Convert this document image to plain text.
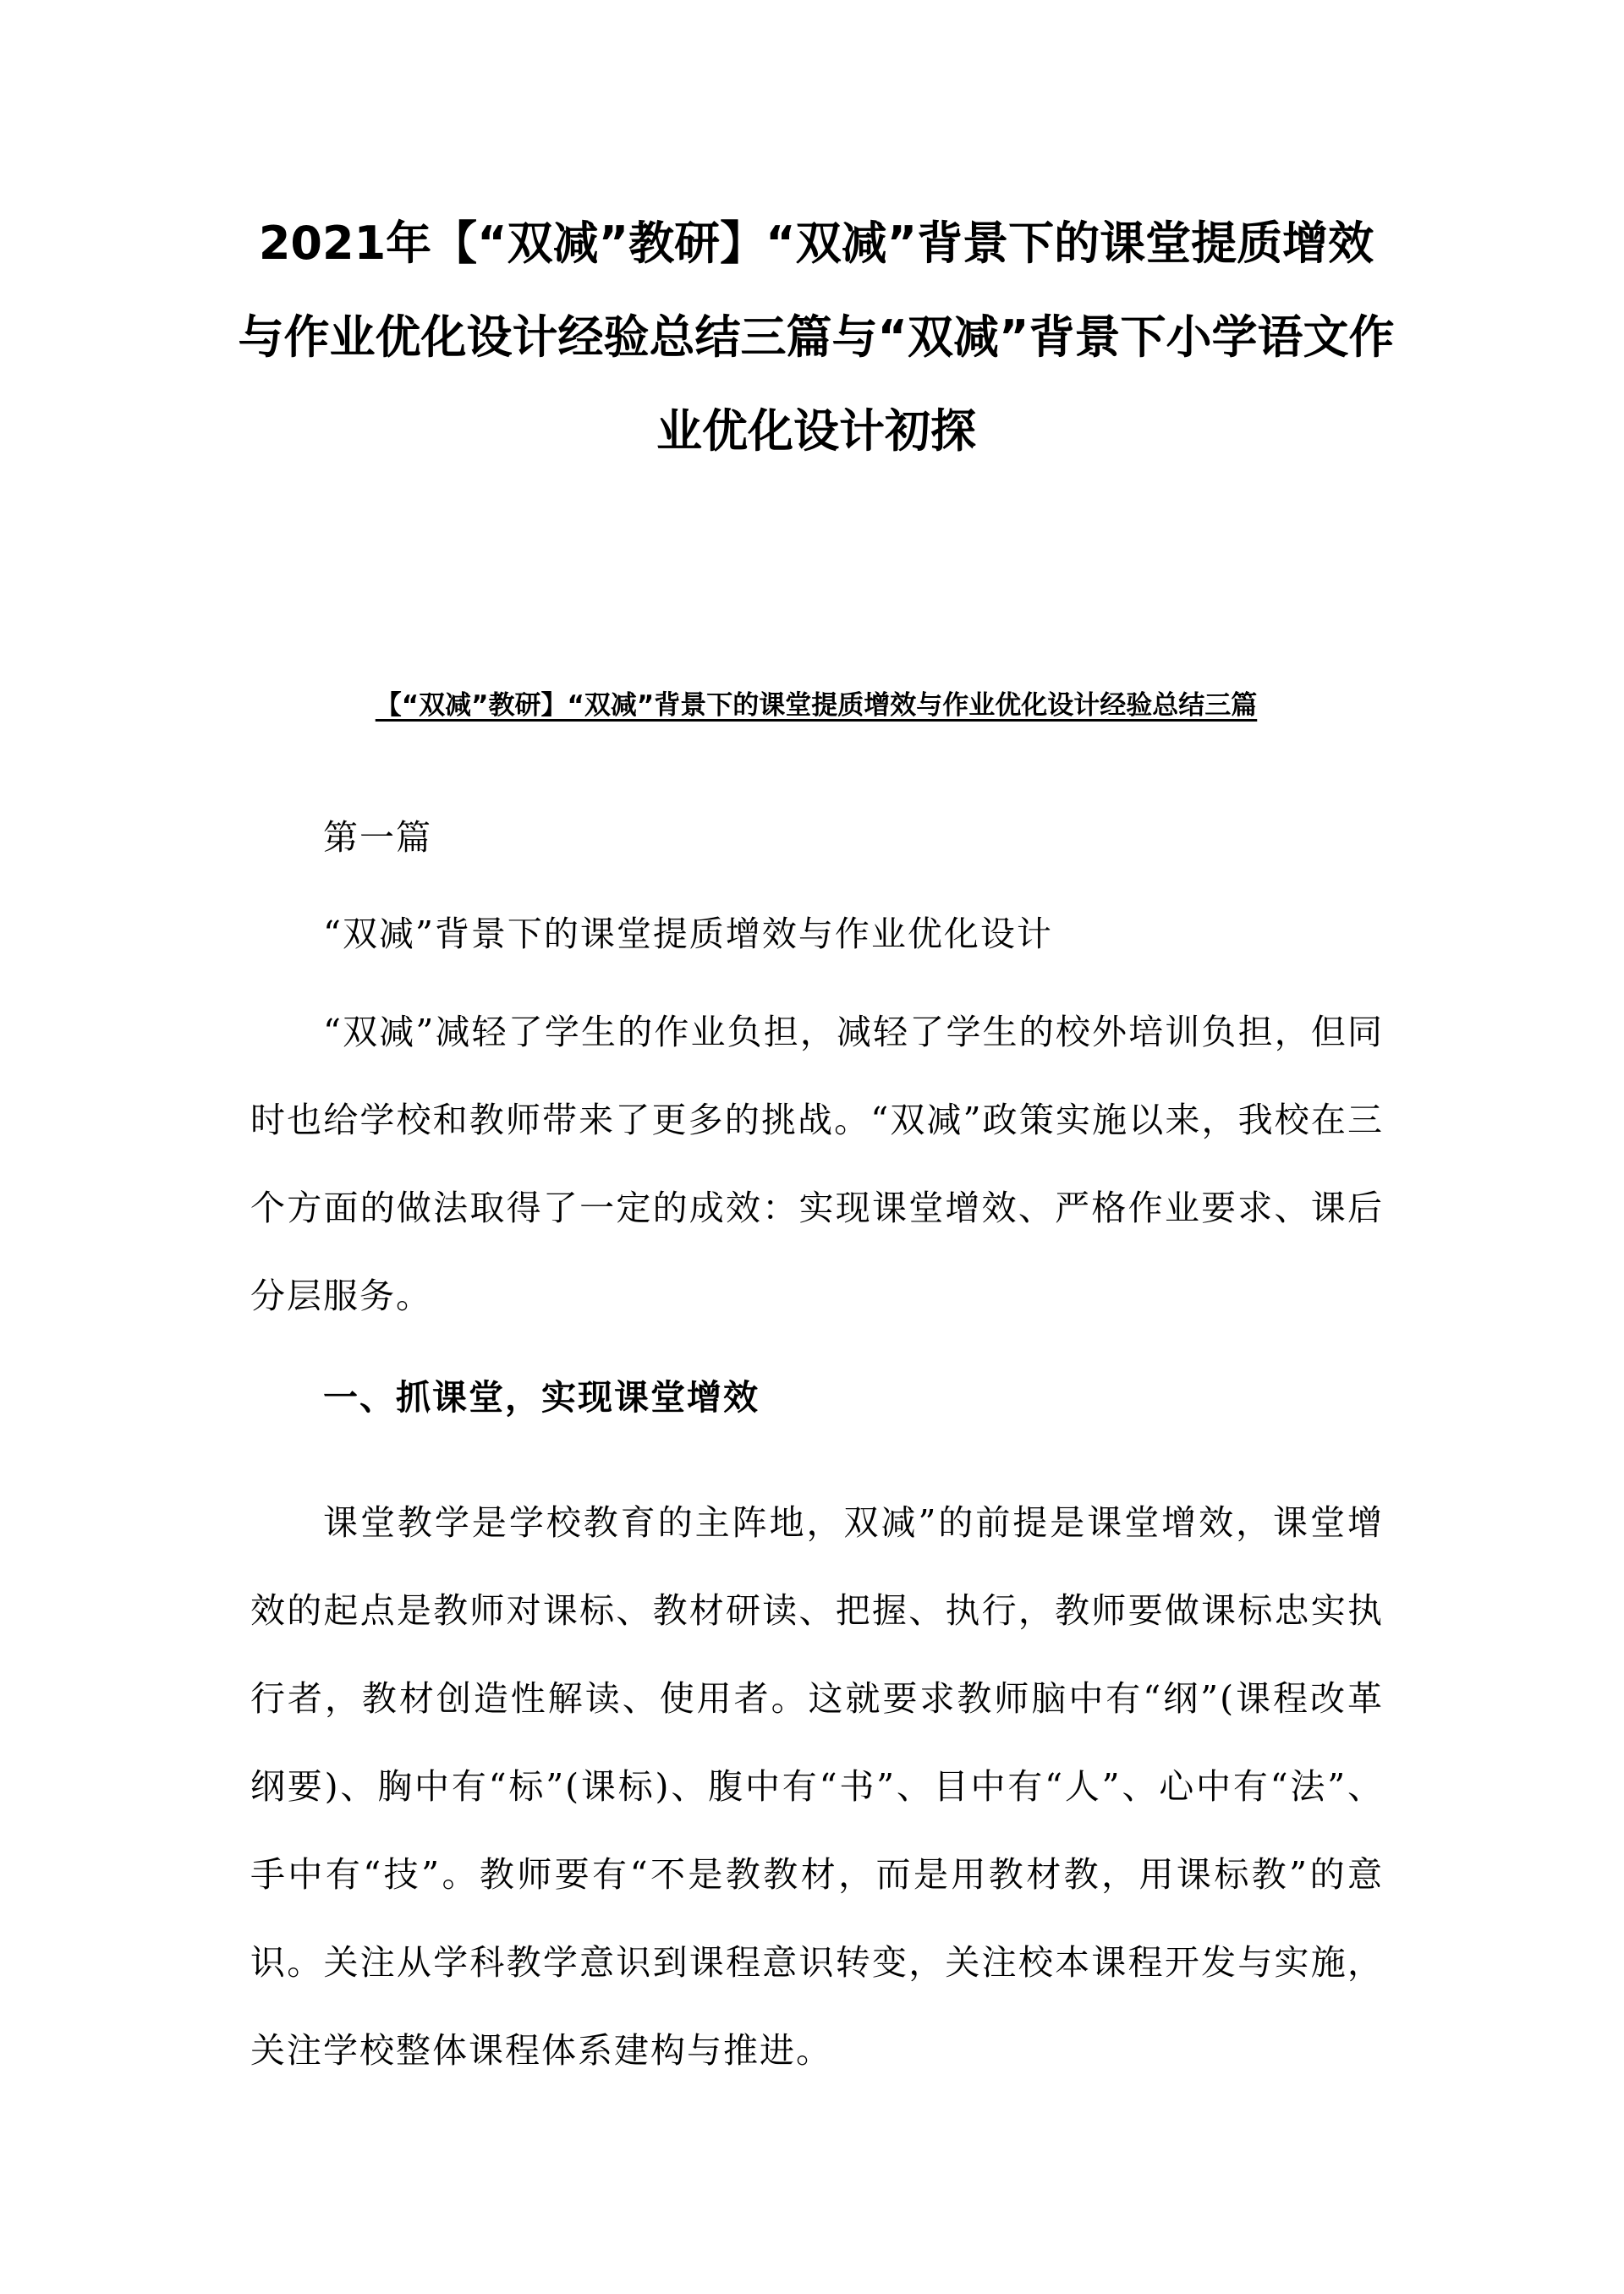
2021年【“双减”教研】“双减”背景下的课堂提质增效与作业优化设计经验总结三篇与“双减”背景下小学语文作业优化设计初探
【“双减”教研】“双减”背景下的课堂提质增效与作业优化设计经验总结三篇

第一篇

“双减”背景下的课堂提质增效与作业优化设计

“双减”减轻了学生的作业负担，减轻了学生的校外培训负担，但同时也给学校和教师带来了更多的挑战。“双减”政策实施以来，我校在三个方面的做法取得了一定的成效：实现课堂增效、严格作业要求、课后分层服务。

一、抓课堂，实现课堂增效

课堂教学是学校教育的主阵地，双减”的前提是课堂增效，课堂增效的起点是教师对课标、教材研读、把握、执行，教师要做课标忠实执行者，教材创造性解读、使用者。这就要求教师脑中有“纲”(课程改革纲要)、胸中有“标”(课标)、腹中有“书”、目中有“人”、心中有“法”、手中有“技”。教师要有“不是教教材，而是用教材教，用课标教”的意识。关注从学科教学意识到课程意识转变，关注校本课程开发与实施，关注学校整体课程体系建构与推进。
